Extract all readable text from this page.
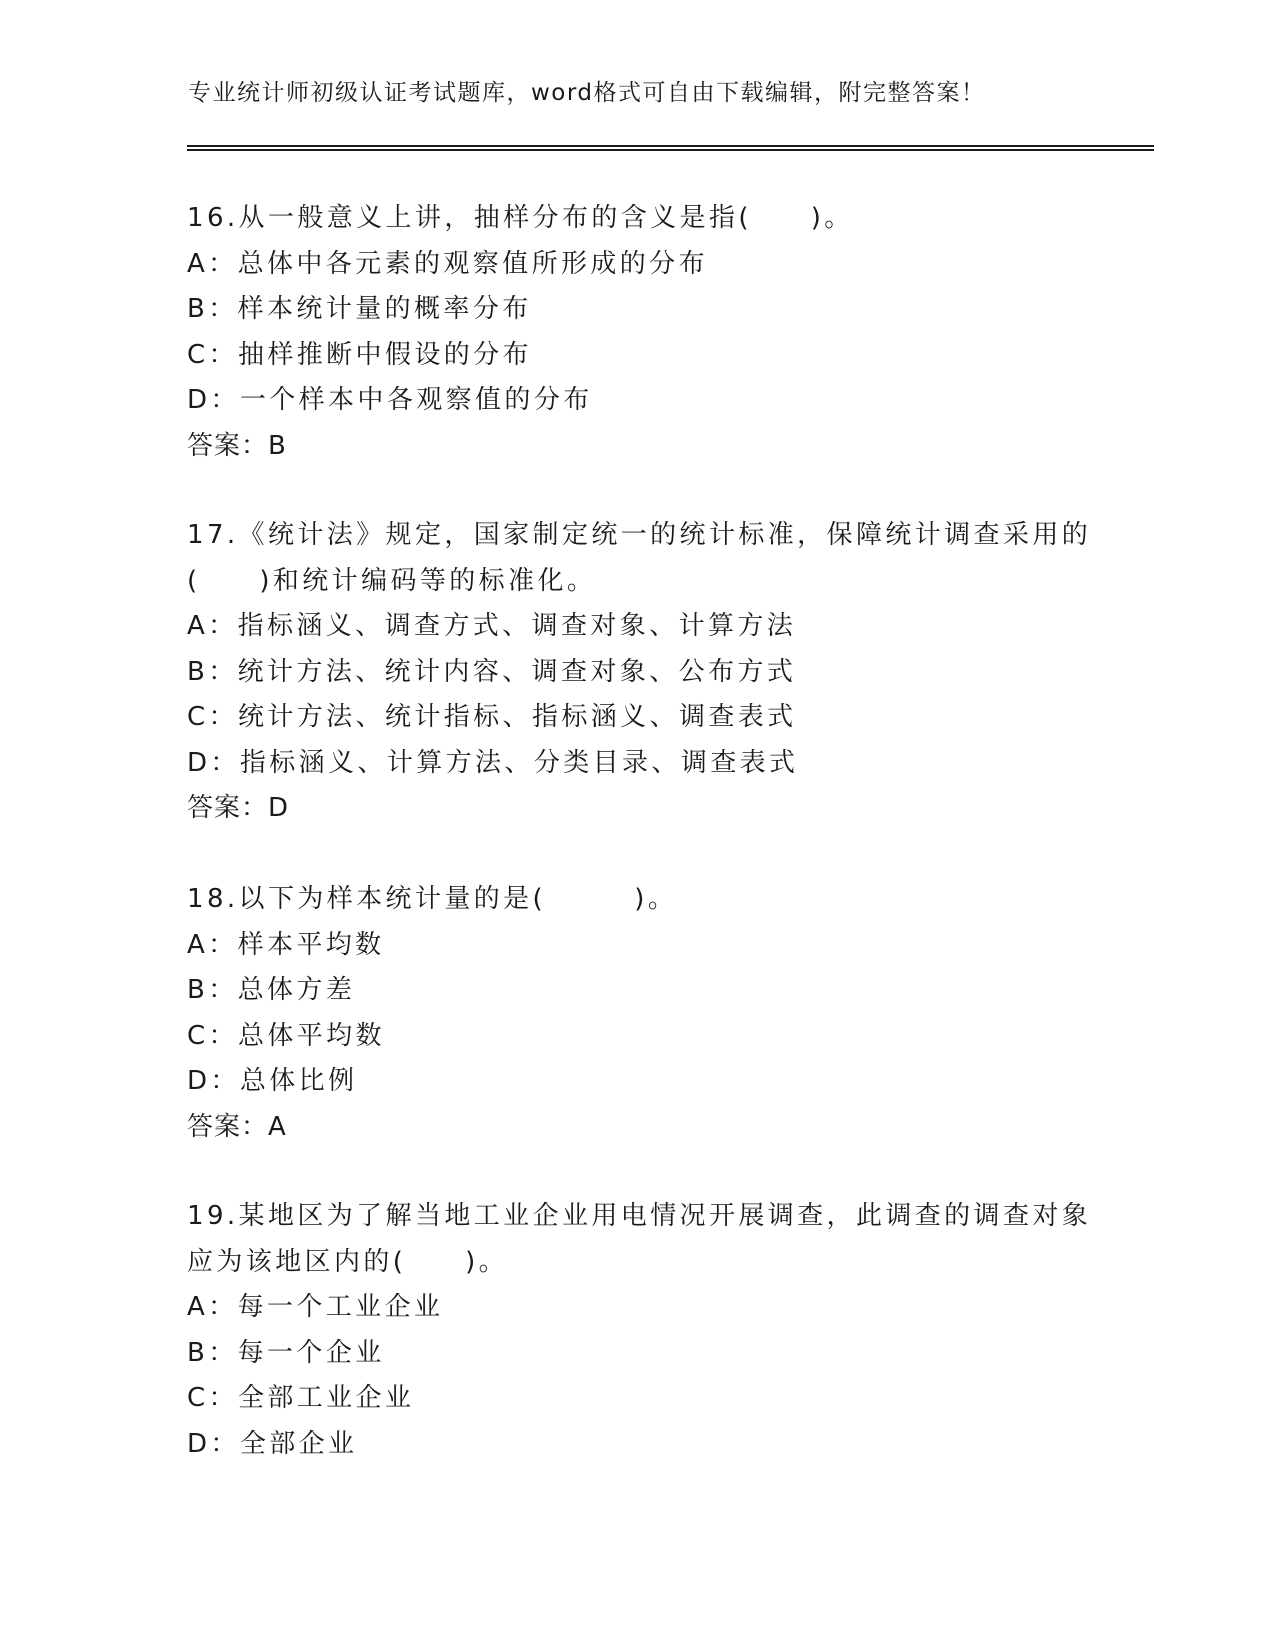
专业统计师初级认证考试题库，word格式可自由下载编辑，附完整答案！
16.从一般意义上讲，抽样分布的含义是指(　　)。
A：总体中各元素的观察值所形成的分布
B：样本统计量的概率分布
C：抽样推断中假设的分布
D：一个样本中各观察值的分布
答案：B
17.《统计法》规定，国家制定统一的统计标准，保障统计调查采用的
(　　)和统计编码等的标准化。
A：指标涵义、调查方式、调查对象、计算方法
B：统计方法、统计内容、调查对象、公布方式
C：统计方法、统计指标、指标涵义、调查表式
D：指标涵义、计算方法、分类目录、调查表式
答案：D
18.以下为样本统计量的是(　　　)。
A：样本平均数
B：总体方差
C：总体平均数
D：总体比例
答案：A
19.某地区为了解当地工业企业用电情况开展调查，此调查的调查对象
应为该地区内的(　　)。
A：每一个工业企业
B：每一个企业
C：全部工业企业
D：全部企业
